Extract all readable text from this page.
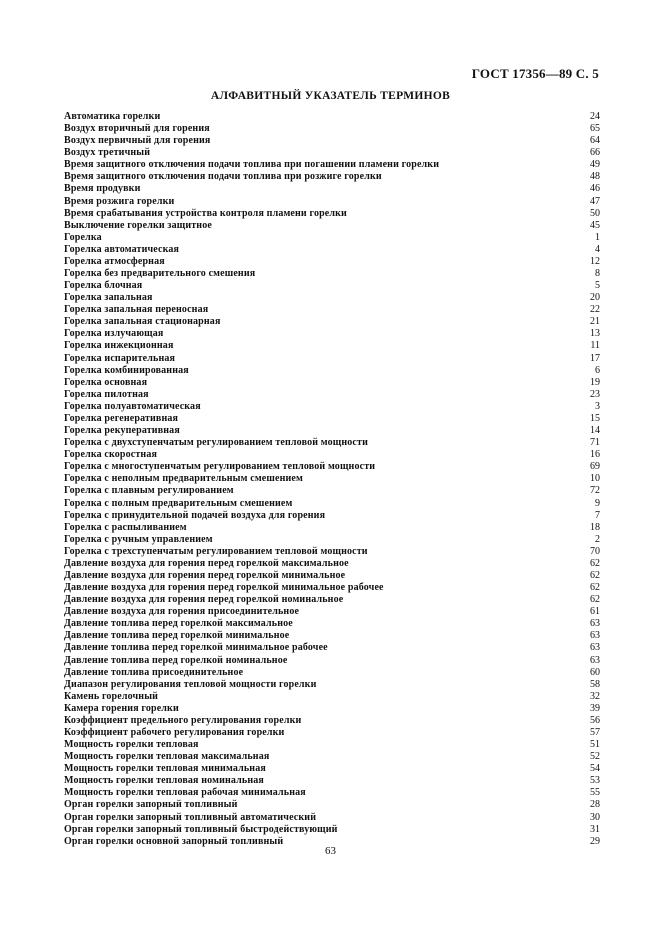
ГОСТ 17356—89 С. 5
АЛФАВИТНЫЙ УКАЗАТЕЛЬ ТЕРМИНОВ
Автоматика горелки	24
Воздух вторичный для горения	65
Воздух первичный для горения	64
Воздух третичный	66
Время защитного отключения подачи топлива при погашении пламени горелки	49
Время защитного отключения подачи топлива при розжиге горелки	48
Время продувки	46
Время розжига горелки	47
Время срабатывания устройства контроля пламени горелки	50
Выключение горелки защитное	45
Горелка	1
Горелка автоматическая	4
Горелка атмосферная	12
Горелка без предварительного смешения	8
Горелка блочная	5
Горелка запальная	20
Горелка запальная переносная	22
Горелка запальная стационарная	21
Горелка излучающая	13
Горелка инжекционная	11
Горелка испарительная	17
Горелка комбинированная	6
Горелка основная	19
Горелка пилотная	23
Горелка полуавтоматическая	3
Горелка регенеративная	15
Горелка рекуперативная	14
Горелка с двухступенчатым регулированием тепловой мощности	71
Горелка скоростная	16
Горелка с многоступенчатым регулированием тепловой мощности	69
Горелка с неполным предварительным смешением	10
Горелка с плавным регулированием	72
Горелка с полным предварительным смешением	9
Горелка с принудительной подачей воздуха для горения	7
Горелка с распыливанием	18
Горелка с ручным управлением	2
Горелка с трехступенчатым регулированием тепловой мощности	70
Давление воздуха для горения перед горелкой максимальное	62
Давление воздуха для горения перед горелкой минимальное	62
Давление воздуха для горения перед горелкой минимальное рабочее	62
Давление воздуха для горения перед горелкой номинальное	62
Давление воздуха для горения присоединительное	61
Давление топлива перед горелкой максимальное	63
Давление топлива перед горелкой минимальное	63
Давление топлива перед горелкой минимальное рабочее	63
Давление топлива перед горелкой номинальное	63
Давление топлива присоединительное	60
Диапазон регулирования тепловой мощности горелки	58
Камень горелочный	32
Камера горения горелки	39
Коэффициент предельного регулирования горелки	56
Коэффициент рабочего регулирования горелки	57
Мощность горелки тепловая	51
Мощность горелки тепловая максимальная	52
Мощность горелки тепловая минимальная	54
Мощность горелки тепловая номинальная	53
Мощность горелки тепловая рабочая минимальная	55
Орган горелки запорный топливный	28
Орган горелки запорный топливный автоматический	30
Орган горелки запорный топливный быстродействующий	31
Орган горелки основной запорный топливный	29
63
